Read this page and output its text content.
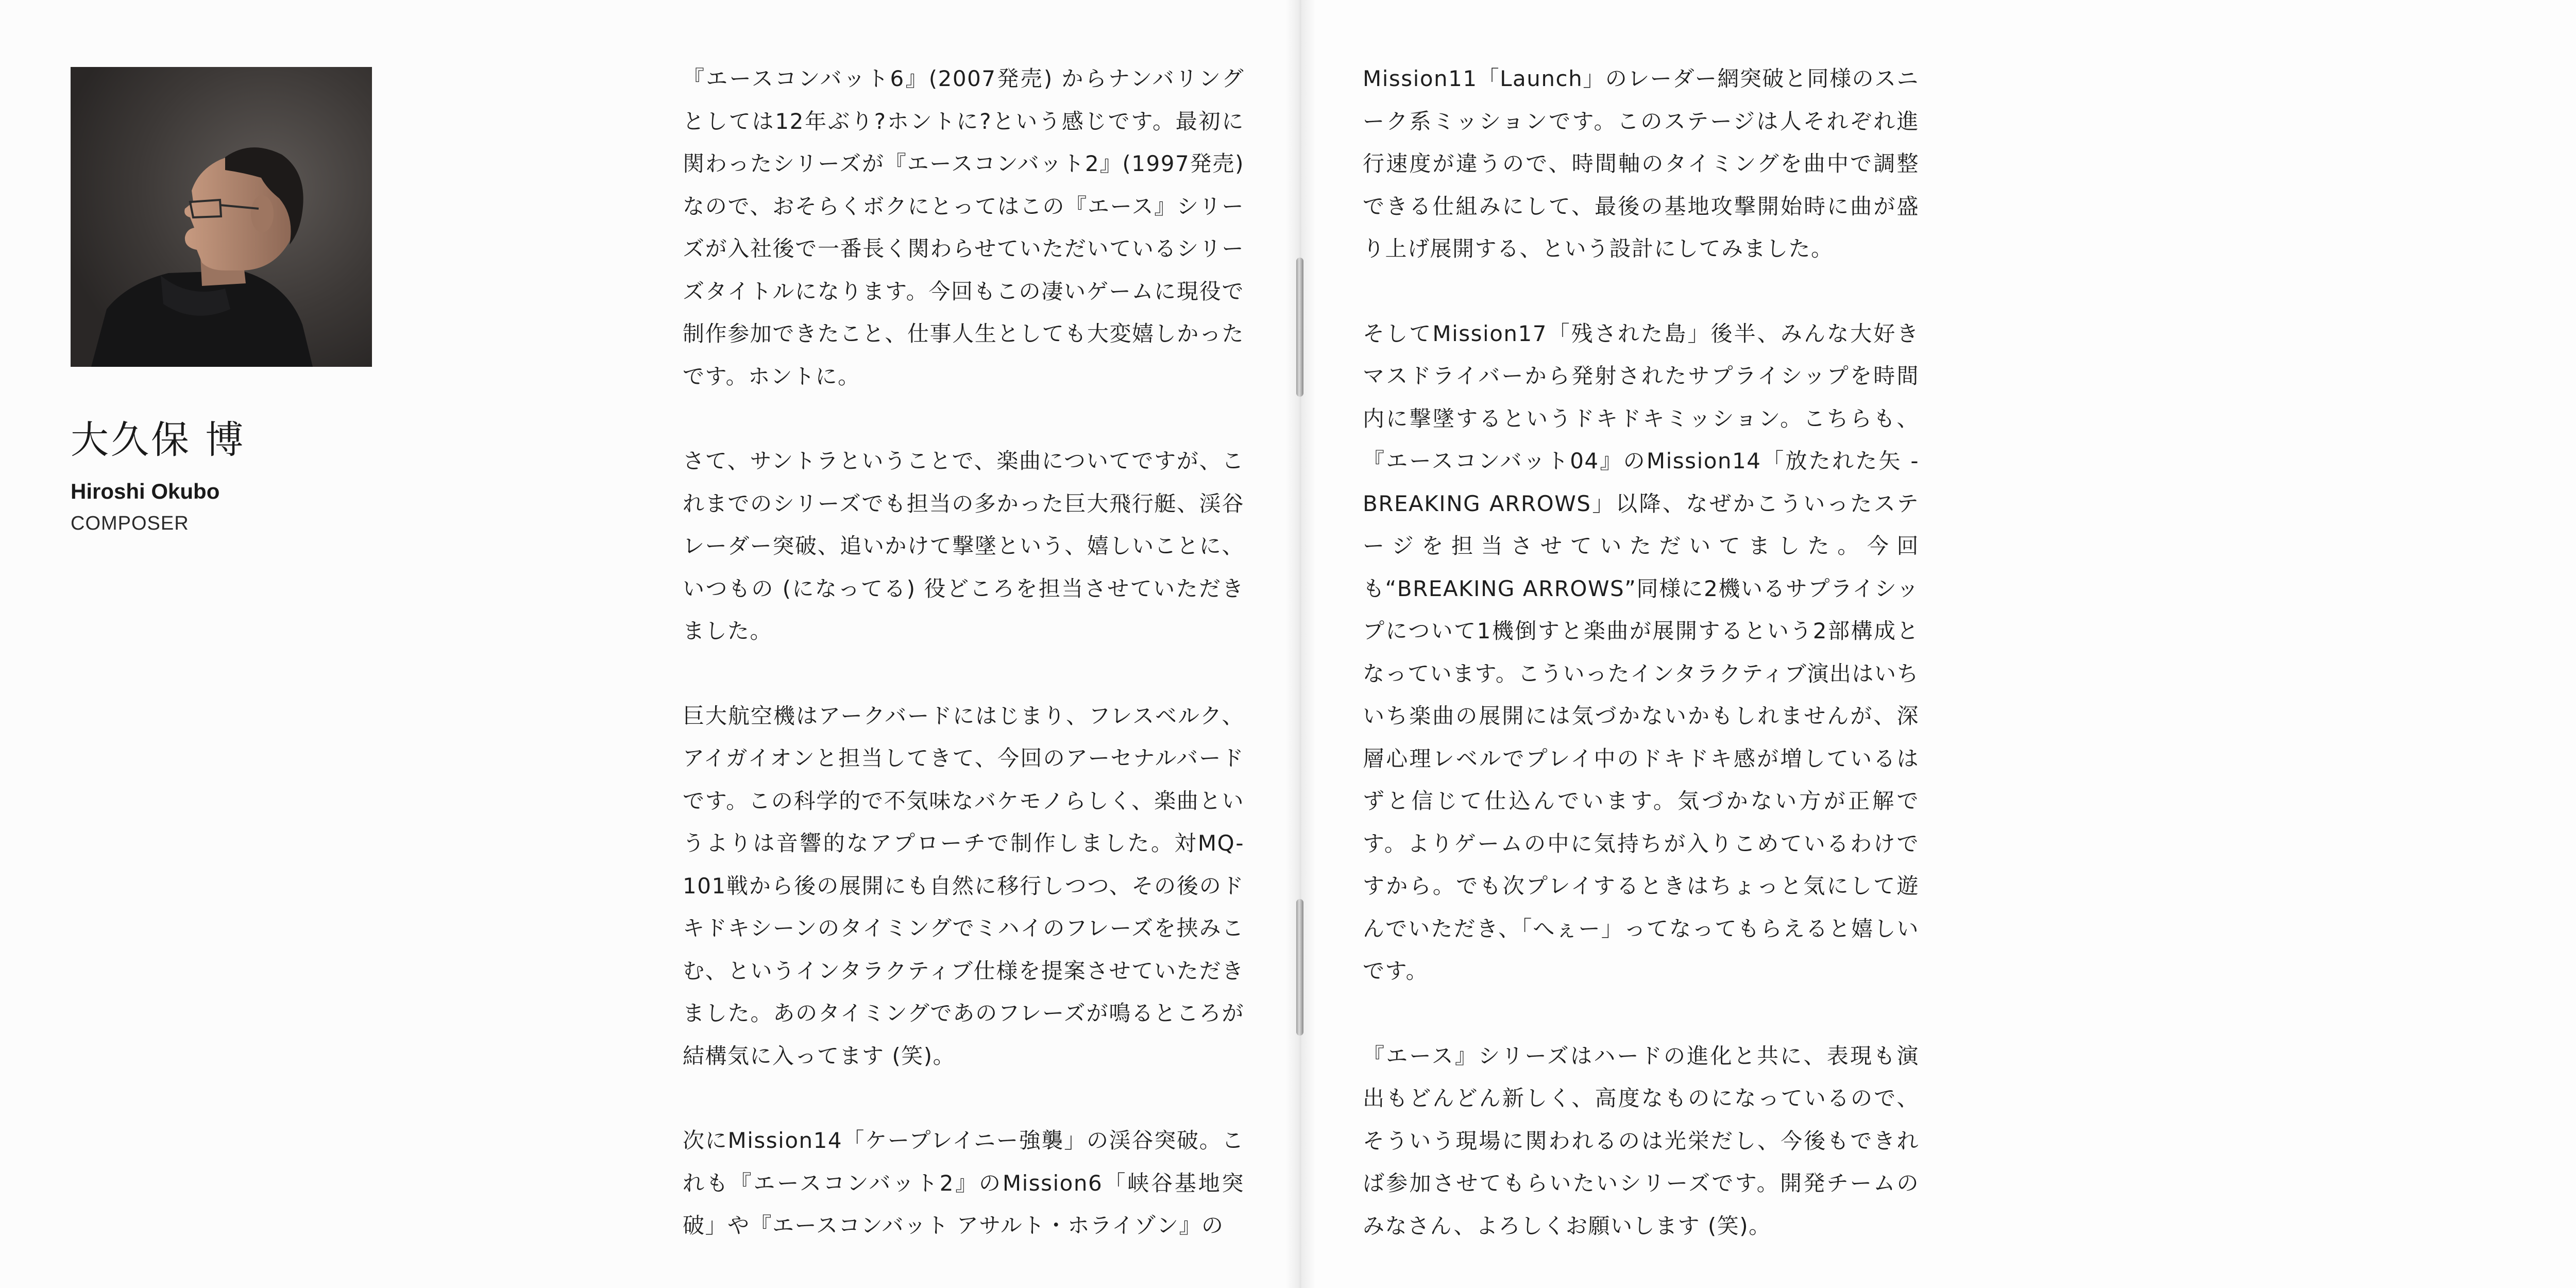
大久保 博
Hiroshi Okubo
COMPOSER

『エースコンバット6』(2007発売) からナンバリングとしては12年ぶり?ホントに?という感じです。最初に関わったシリーズが『エースコンバット2』(1997発売) なので、おそらくボクにとってはこの『エース』シリーズが入社後で一番長く関わらせていただいているシリーズタイトルになります。今回もこの凄いゲームに現役で制作参加できたこと、仕事人生としても大変嬉しかったです。ホントに。

さて、サントラということで、楽曲についてですが、これまでのシリーズでも担当の多かった巨大飛行艇、渓谷レーダー突破、追いかけて撃墜という、嬉しいことに、いつもの (になってる) 役どころを担当させていただきました。

巨大航空機はアークバードにはじまり、フレスベルク、アイガイオンと担当してきて、今回のアーセナルバードです。この科学的で不気味なバケモノらしく、楽曲というよりは音響的なアプローチで制作しました。対MQ-101戦から後の展開にも自然に移行しつつ、その後のドキドキシーンのタイミングでミハイのフレーズを挟みこむ、というインタラクティブ仕様を提案させていただきました。あのタイミングであのフレーズが鳴るところが結構気に入ってます (笑)。

次にMission14「ケープレイニー強襲」の渓谷突破。これも『エースコンバット2』のMission6「峡谷基地突破」や『エースコンバット アサルト・ホライゾン』の

Mission11「Launch」のレーダー網突破と同様のスニーク系ミッションです。このステージは人それぞれ進行速度が違うので、時間軸のタイミングを曲中で調整できる仕組みにして、最後の基地攻撃開始時に曲が盛り上げ展開する、という設計にしてみました。

そしてMission17「残された島」後半、みんな大好きマスドライバーから発射されたサプライシップを時間内に撃墜するというドキドキミッション。こちらも、『エースコンバット04』のMission14「放たれた矢 -BREAKING ARROWS」以降、なぜかこういったステージを担当させていただいてました。今回も“BREAKING ARROWS”同様に2機いるサプライシップについて1機倒すと楽曲が展開するという2部構成となっています。こういったインタラクティブ演出はいちいち楽曲の展開には気づかないかもしれませんが、深層心理レベルでプレイ中のドキドキ感が増しているはずと信じて仕込んでいます。気づかない方が正解です。よりゲームの中に気持ちが入りこめているわけですから。でも次プレイするときはちょっと気にして遊んでいただき、「へぇー」ってなってもらえると嬉しいです。

『エース』シリーズはハードの進化と共に、表現も演出もどんどん新しく、高度なものになっているので、そういう現場に関われるのは光栄だし、今後もできれば参加させてもらいたいシリーズです。開発チームのみなさん、よろしくお願いします (笑)。
